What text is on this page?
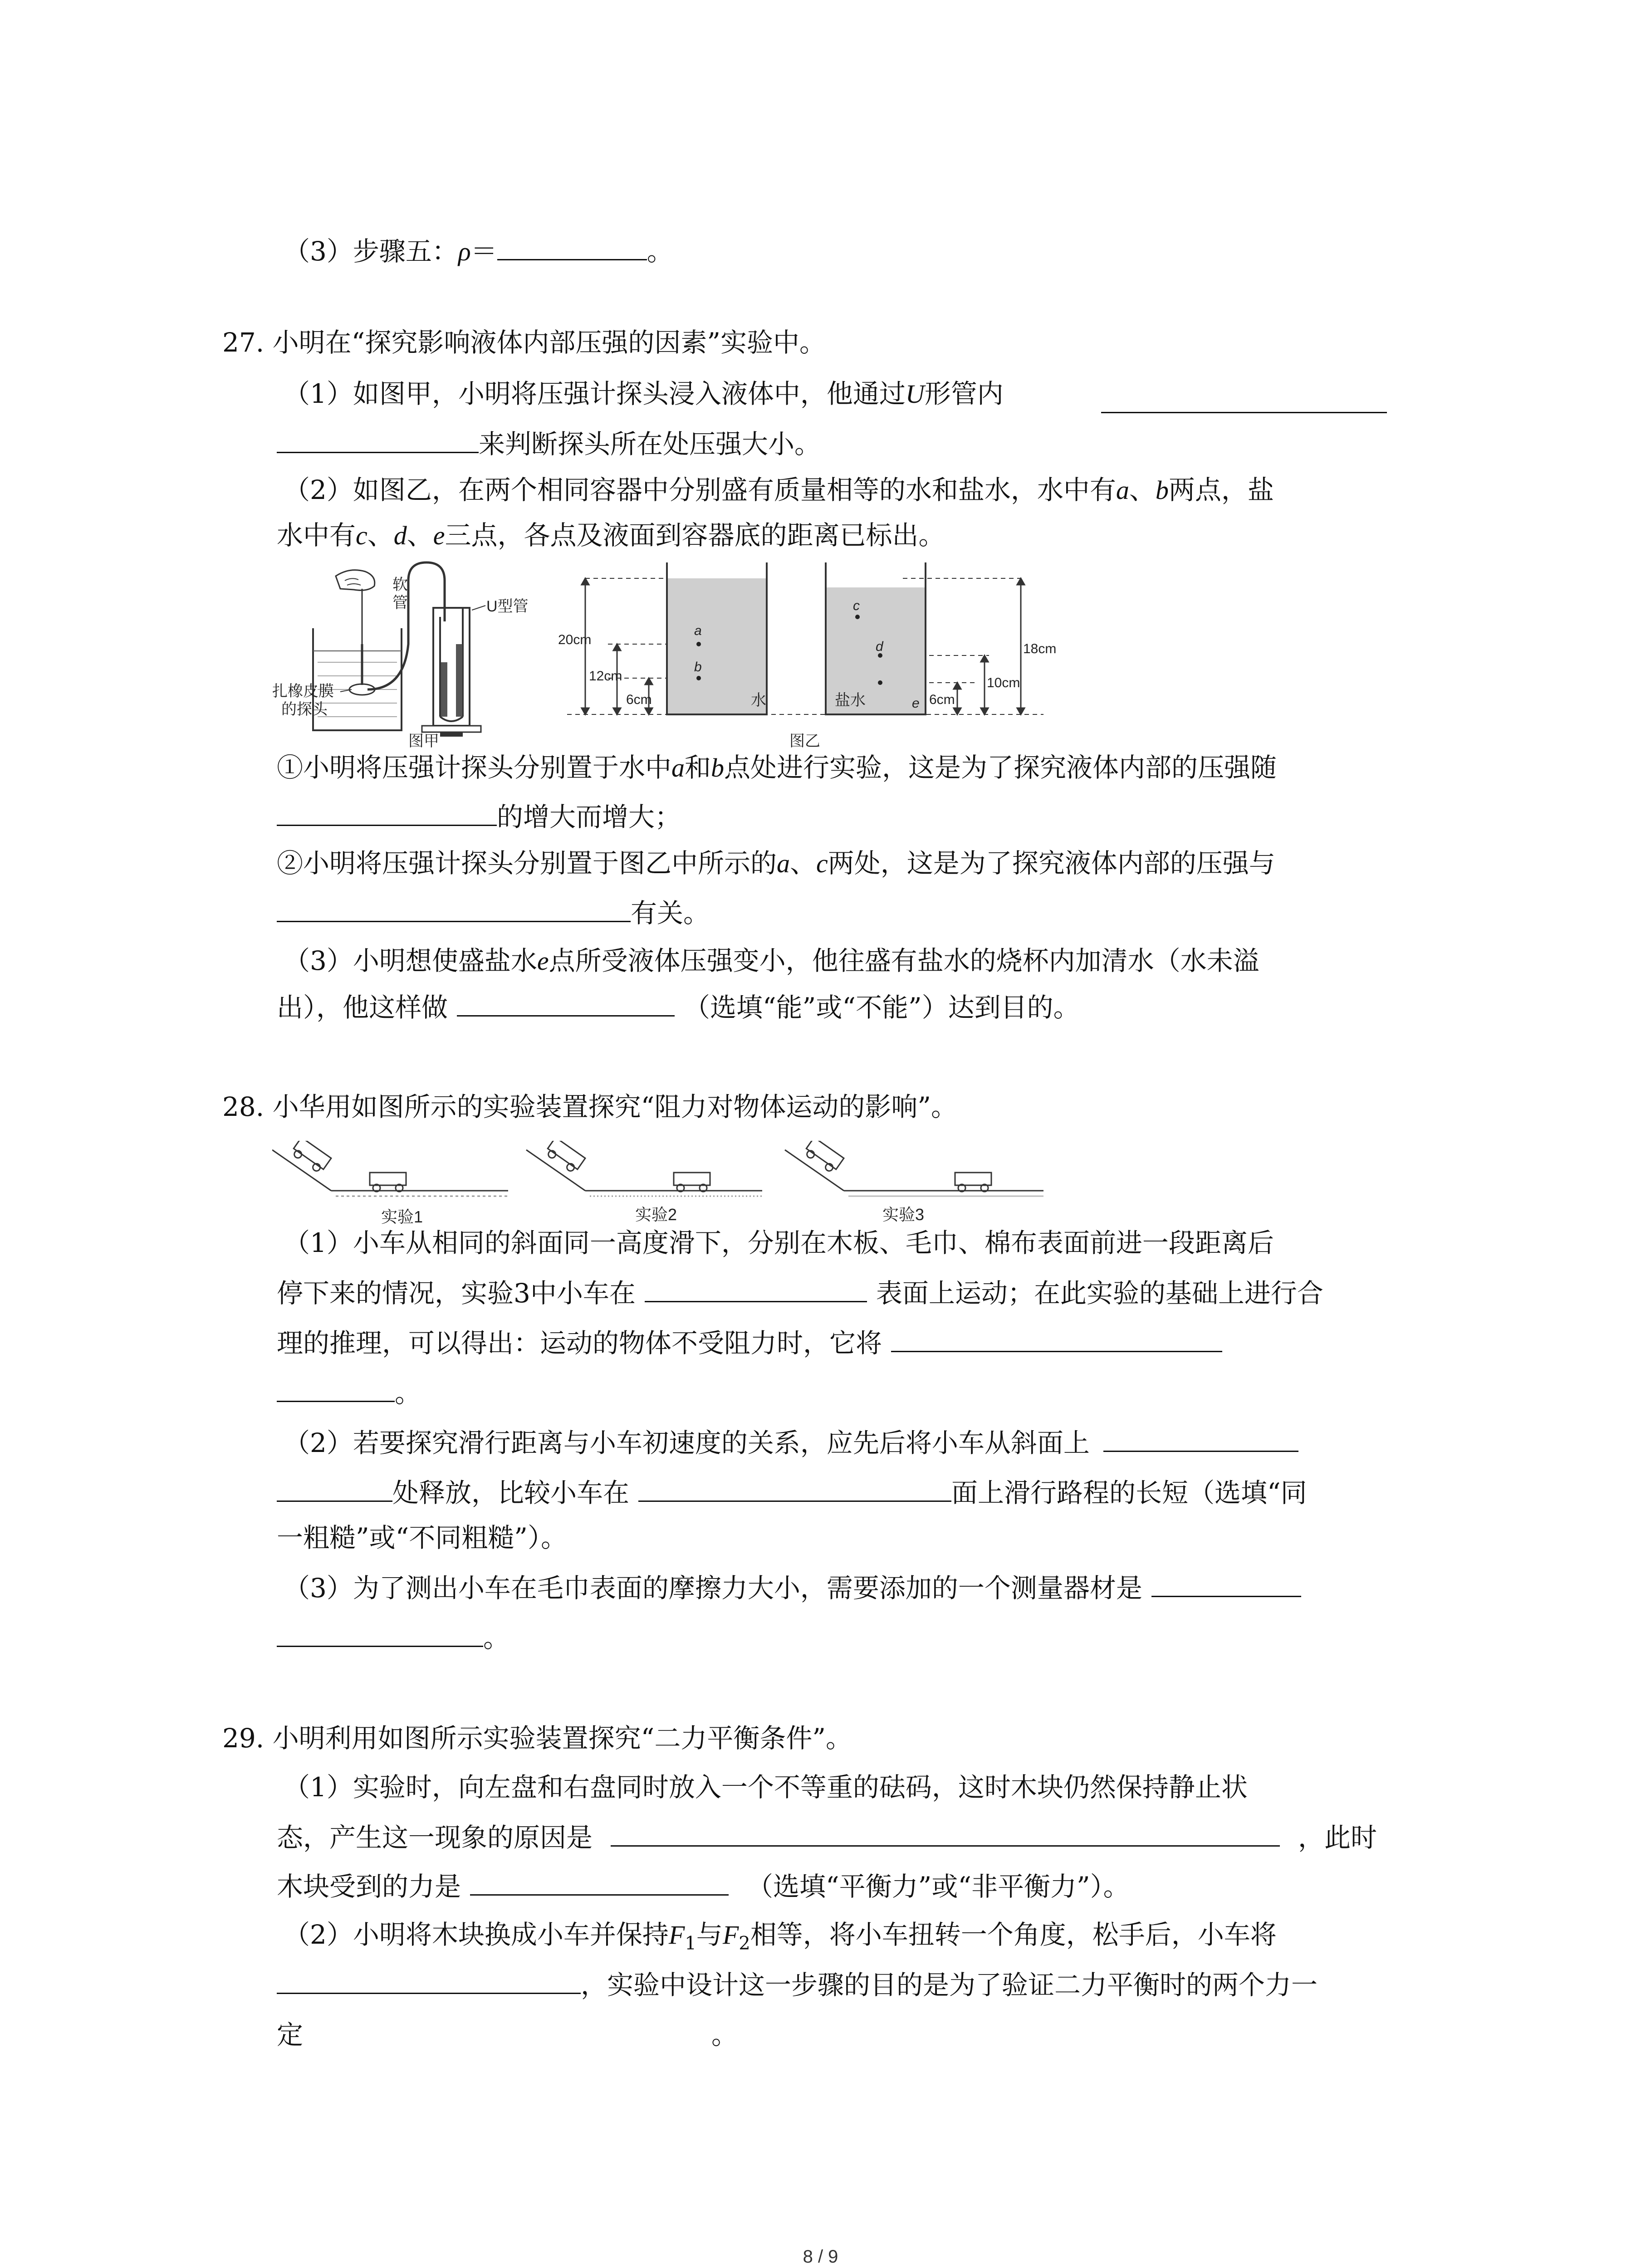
（3）步骤五：ρ＝	。
27. 小明在“探究影响液体内部压强的因素”实验中。
（1）如图甲，小明将压强计探头浸入液体中，他通过U形管内
来判断探头所在处压强大小。
（2）如图乙，在两个相同容器中分别盛有质量相等的水和盐水，水中有a、b两点，盐
水中有c、d、e三点，各点及液面到容器底的距离已标出。
软
管	U型管
扎橡皮膜
的探头
图甲
a
b
c
d
e
水	盐水
20cm
12cm
6cm
18cm
10cm
6cm
图乙
①小明将压强计探头分别置于水中a和b点处进行实验，这是为了探究液体内部的压强随
的增大而增大；
②小明将压强计探头分别置于图乙中所示的a、c两处，这是为了探究液体内部的压强与
有关。
（3）小明想使盛盐水e点所受液体压强变小，他往盛有盐水的烧杯内加清水（水未溢
出），他这样做	（选填“能”或“不能”）达到目的。
28. 小华用如图所示的实验装置探究“阻力对物体运动的影响”。
实验1	实验2	实验3
（1）小车从相同的斜面同一高度滑下，分别在木板、毛巾、棉布表面前进一段距离后
停下来的情况，实验3中小车在	表面上运动；在此实验的基础上进行合
理的推理，可以得出：运动的物体不受阻力时，它将
。
（2）若要探究滑行距离与小车初速度的关系，应先后将小车从斜面上
处释放，比较小车在	面上滑行路程的长短（选填“同
一粗糙”或“不同粗糙”）。
（3）为了测出小车在毛巾表面的摩擦力大小，需要添加的一个测量器材是
。
29. 小明利用如图所示实验装置探究“二力平衡条件”。
（1）实验时，向左盘和右盘同时放入一个不等重的砝码，这时木块仍然保持静止状
态，产生这一现象的原因是	，此时
木块受到的力是	（选填“平衡力”或“非平衡力”）。
（2）小明将木块换成小车并保持$F_1$与$F_2$相等，将小车扭转一个角度，松手后，小车将
，实验中设计这一步骤的目的是为了验证二力平衡时的两个力一
定	。
8 / 9
